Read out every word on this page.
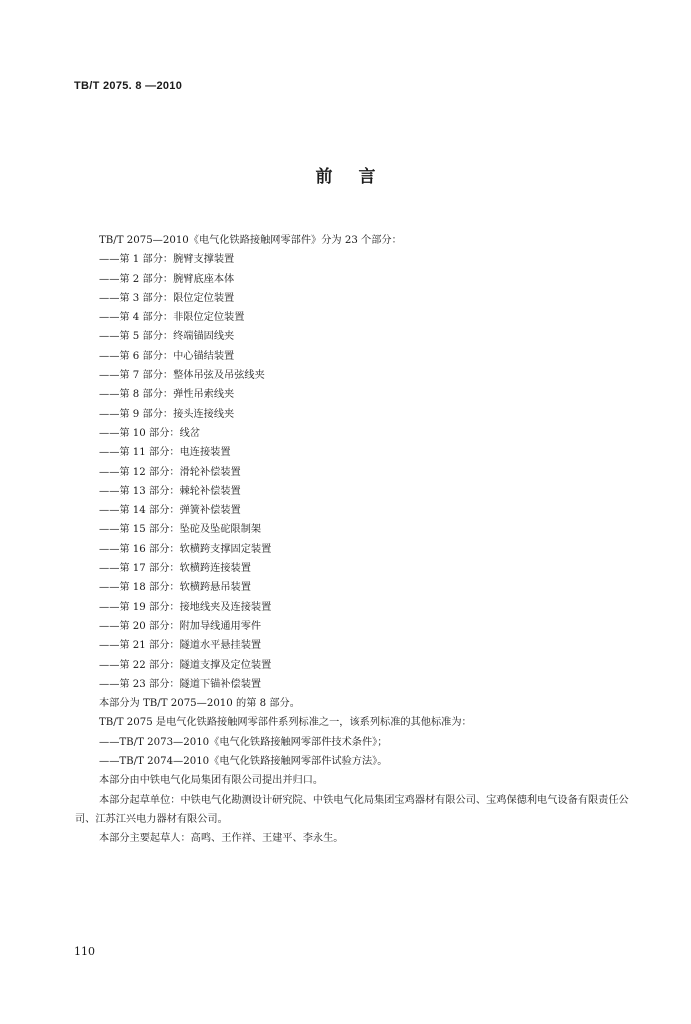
TB/T 2075. 8 —2010
前言

TB/T 2075—2010《电气化铁路接触网零部件》分为 23 个部分：

——第 1 部分：腕臂支撑装置

——第 2 部分：腕臂底座本体

——第 3 部分：限位定位装置

——第 4 部分：非限位定位装置

——第 5 部分：终端锚固线夹

——第 6 部分：中心锚结装置

——第 7 部分：整体吊弦及吊弦线夹

——第 8 部分：弹性吊索线夹

——第 9 部分：接头连接线夹

——第 10 部分：线岔

——第 11 部分：电连接装置

——第 12 部分：滑轮补偿装置

——第 13 部分：棘轮补偿装置

——第 14 部分：弹簧补偿装置

——第 15 部分：坠砣及坠砣限制架

——第 16 部分：软横跨支撑固定装置

——第 17 部分：软横跨连接装置

——第 18 部分：软横跨悬吊装置

——第 19 部分：接地线夹及连接装置

——第 20 部分：附加导线通用零件

——第 21 部分：隧道水平悬挂装置

——第 22 部分：隧道支撑及定位装置

——第 23 部分：隧道下锚补偿装置

本部分为 TB/T 2075—2010 的第 8 部分。

TB/T 2075 是电气化铁路接触网零部件系列标准之一，该系列标准的其他标准为：

——TB/T 2073—2010《电气化铁路接触网零部件技术条件》；

——TB/T 2074—2010《电气化铁路接触网零部件试验方法》。

本部分由中铁电气化局集团有限公司提出并归口。

本部分起草单位：中铁电气化勘测设计研究院、中铁电气化局集团宝鸡器材有限公司、宝鸡保德利电气设备有限责任公司、江苏江兴电力器材有限公司。

本部分主要起草人：高鸣、王作祥、王建平、李永生。

110
